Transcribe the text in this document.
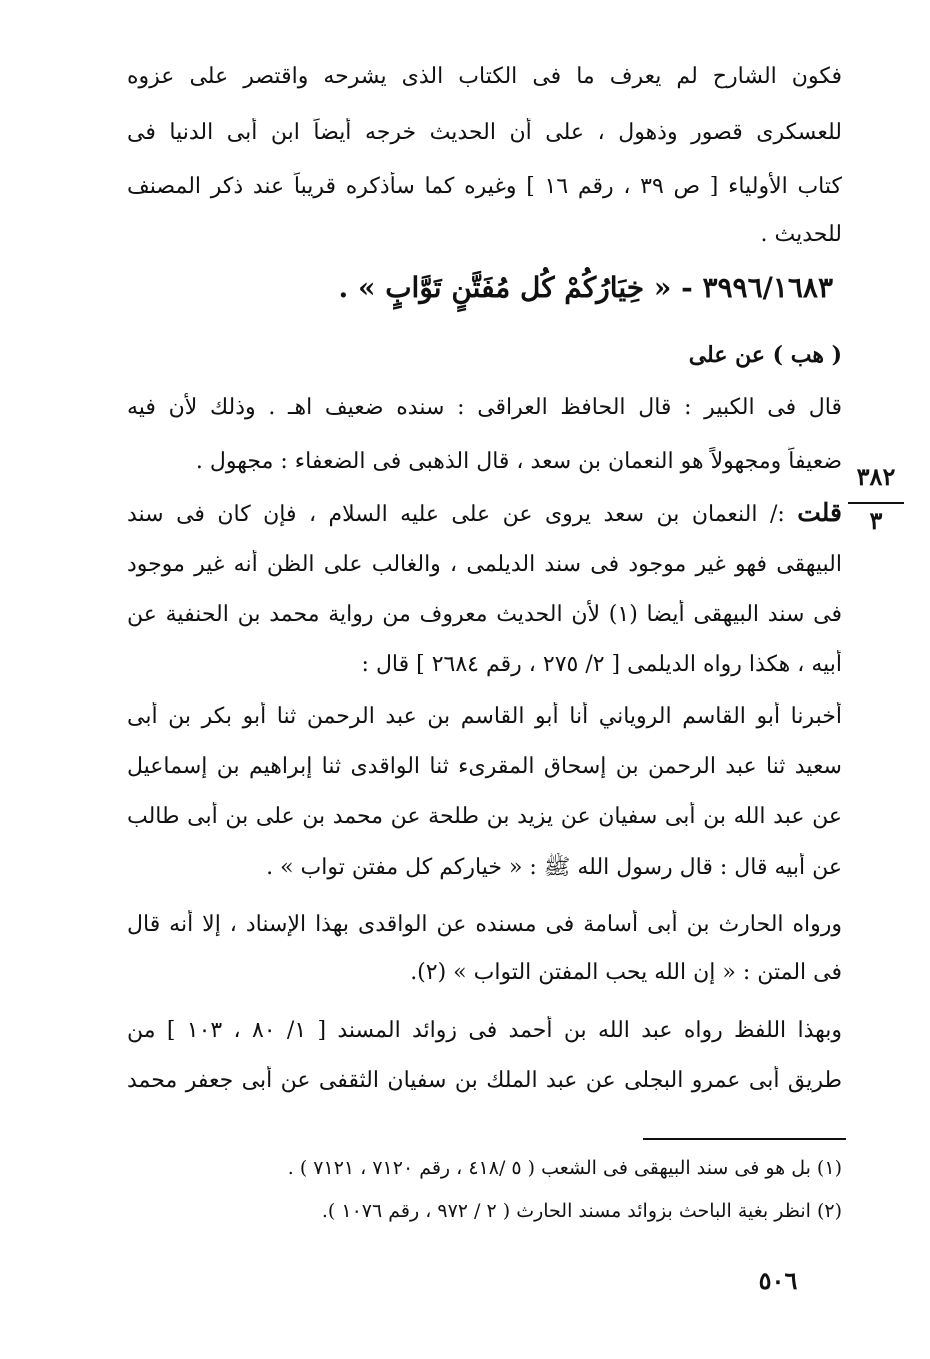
فكون الشارح لم يعرف ما فى الكتاب الذى يشرحه واقتصر على عزوه
للعسكرى قصور وذهول ، على أن الحديث خرجه أيضاً ابن أبى الدنيا فى
كتاب الأولياء [ ص ٣٩ ، رقم ١٦ ] وغيره كما سأذكره قريباً عند ذكر المصنف
للحديث .
٣٩٩٦/١٦٨٣ - « خِيَارُكُمْ كُل مُفَتَّنٍ تَوَّابٍ » .
( هب ) عن على
قال فى الكبير : قال الحافظ العراقى : سنده ضعيف اهـ . وذلك لأن فيه
ضعيفاً ومجهولاً هو النعمان بن سعد ، قال الذهبى فى الضعفاء : مجهول .
قلت :/ النعمان بن سعد يروى عن على عليه السلام ، فإن كان فى سند
البيهقى فهو غير موجود فى سند الديلمى ، والغالب على الظن أنه غير موجود
فى سند البيهقى أيضا (١) لأن الحديث معروف من رواية محمد بن الحنفية عن
أبيه ، هكذا رواه الديلمى [ ٢/ ٢٧٥ ، رقم ٢٦٨٤ ] قال :
أخبرنا أبو القاسم الروياني أنا أبو القاسم بن عبد الرحمن ثنا أبو بكر بن أبى
سعيد ثنا عبد الرحمن بن إسحاق المقرىء ثنا الواقدى ثنا إبراهيم بن إسماعيل
عن عبد الله بن أبى سفيان عن يزيد بن طلحة عن محمد بن على بن أبى طالب
عن أبيه قال : قال رسول الله ﷺ : « خياركم كل مفتن تواب » .
ورواه الحارث بن أبى أسامة فى مسنده عن الواقدى بهذا الإسناد ، إلا أنه قال
فى المتن : « إن الله يحب المفتن التواب » (٢).
وبهذا اللفظ رواه عبد الله بن أحمد فى زوائد المسند [ ١/ ٨٠ ، ١٠٣ ] من
طريق أبى عمرو البجلى عن عبد الملك بن سفيان الثقفى عن أبى جعفر محمد
٣٨٢
٣
(١) بل هو فى سند البيهقى فى الشعب ( ٥ /٤١٨ ، رقم ٧١٢٠ ، ٧١٢١ ) .
(٢) انظر بغية الباحث بزوائد مسند الحارث ( ٢ / ٩٧٢ ، رقم ١٠٧٦ ).
٥٠٦
